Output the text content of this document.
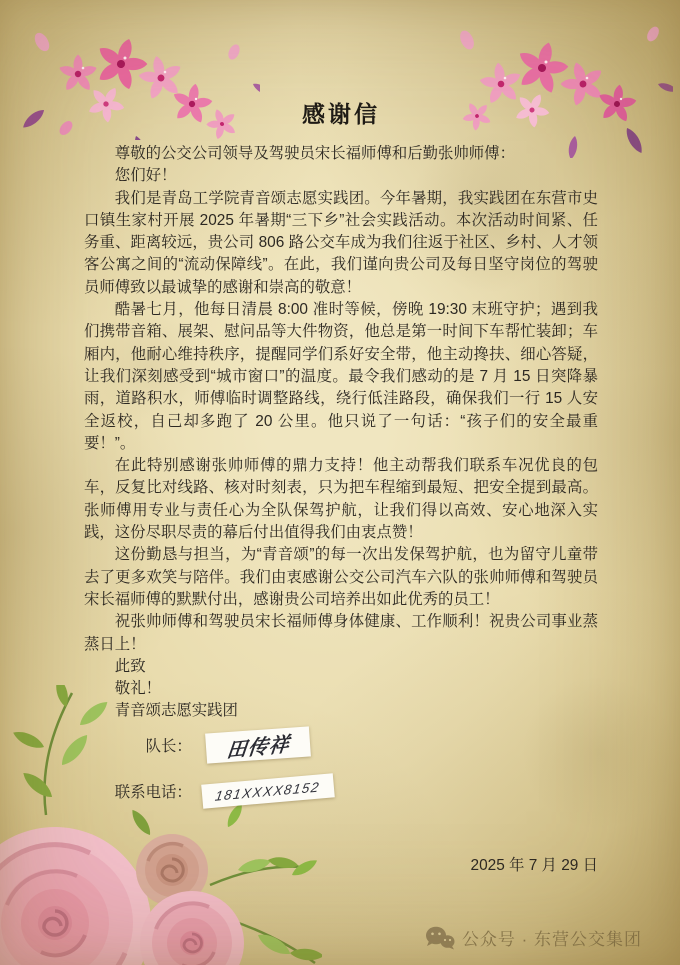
感谢信

尊敬的公交公司领导及驾驶员宋长福师傅和后勤张帅师傅：

您们好！

我们是青岛工学院青音颂志愿实践团。今年暑期，我实践团在东营市史口镇生家村开展 2025 年暑期“三下乡”社会实践活动。本次活动时间紧、任务重、距离较远，贵公司 806 路公交车成为我们往返于社区、乡村、人才领客公寓之间的“流动保障线”。在此，我们谨向贵公司及每日坚守岗位的驾驶员师傅致以最诚挚的感谢和崇高的敬意！

酷暑七月，他每日清晨 8:00 准时等候，傍晚 19:30 末班守护；遇到我们携带音箱、展架、慰问品等大件物资，他总是第一时间下车帮忙装卸；车厢内，他耐心维持秩序，提醒同学们系好安全带，他主动搀扶、细心答疑，让我们深刻感受到“城市窗口”的温度。最令我们感动的是 7 月 15 日突降暴雨，道路积水，师傅临时调整路线，绕行低洼路段，确保我们一行 15 人安全返校，自己却多跑了 20 公里。他只说了一句话：“孩子们的安全最重要！”。

在此特别感谢张帅师傅的鼎力支持！他主动帮我们联系车况优良的包车，反复比对线路、核对时刻表，只为把车程缩到最短、把安全提到最高。张师傅用专业与责任心为全队保驾护航，让我们得以高效、安心地深入实践，这份尽职尽责的幕后付出值得我们由衷点赞！

这份勤恳与担当，为“青音颂”的每一次出发保驾护航，也为留守儿童带去了更多欢笑与陪伴。我们由衷感谢公交公司汽车六队的张帅师傅和驾驶员宋长福师傅的默默付出，感谢贵公司培养出如此优秀的员工！

祝张帅师傅和驾驶员宋长福师傅身体健康、工作顺利！祝贵公司事业蒸蒸日上！

此致

敬礼！

青音颂志愿实践团

队长： 田传祥
联系电话： 181XXXX8152
2025 年 7 月 29 日
公众号 · 东营公交集团
